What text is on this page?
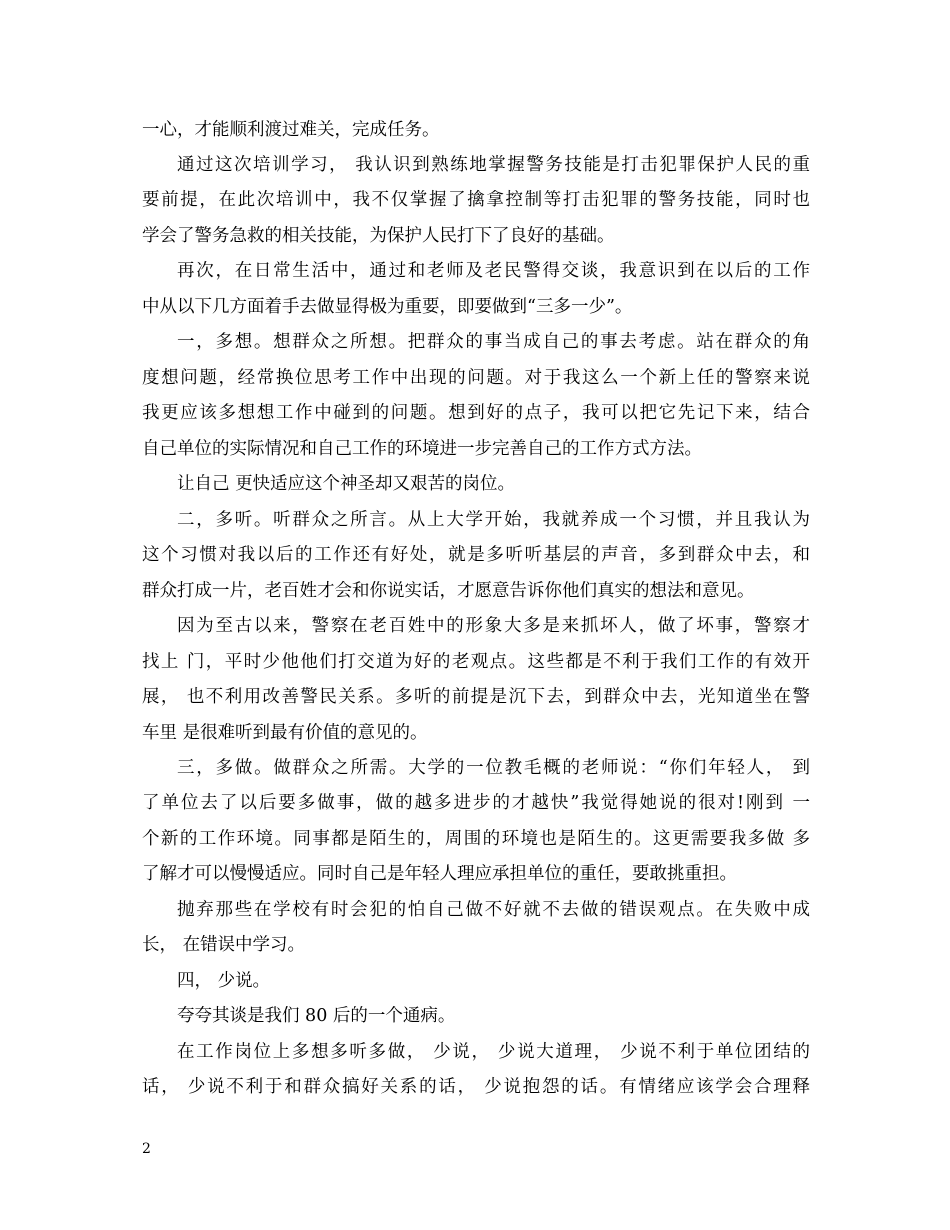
一心，才能顺利渡过难关，完成任务。
通过这次培训学习， 我认识到熟练地掌握警务技能是打击犯罪保护人民的重
要前提，在此次培训中，我不仅掌握了擒拿控制等打击犯罪的警务技能，同时也
学会了警务急救的相关技能，为保护人民打下了良好的基础。
再次，在日常生活中，通过和老师及老民警得交谈，我意识到在以后的工作
中从以下几方面着手去做显得极为重要，即要做到“三多一少”。
一，多想。想群众之所想。把群众的事当成自己的事去考虑。站在群众的角
度想问题，经常换位思考工作中出现的问题。对于我这么一个新上任的警察来说
我更应该多想想工作中碰到的问题。想到好的点子，我可以把它先记下来，结合
自己单位的实际情况和自己工作的环境进一步完善自己的工作方式方法。
让自己 更快适应这个神圣却又艰苦的岗位。
二，多听。听群众之所言。从上大学开始，我就养成一个习惯，并且我认为
这个习惯对我以后的工作还有好处，就是多听听基层的声音，多到群众中去，和
群众打成一片，老百姓才会和你说实话，才愿意告诉你他们真实的想法和意见。
因为至古以来，警察在老百姓中的形象大多是来抓坏人，做了坏事，警察才
找上 门，平时少他他们打交道为好的老观点。这些都是不利于我们工作的有效开
展， 也不利用改善警民关系。多听的前提是沉下去，到群众中去，光知道坐在警
车里 是很难听到最有价值的意见的。
三，多做。做群众之所需。大学的一位教毛概的老师说：“你们年轻人， 到
了单位去了以后要多做事，做的越多进步的才越快”我觉得她说的很对!刚到 一
个新的工作环境。同事都是陌生的，周围的环境也是陌生的。这更需要我多做 多
了解才可以慢慢适应。同时自己是年轻人理应承担单位的重任，要敢挑重担。
抛弃那些在学校有时会犯的怕自己做不好就不去做的错误观点。在失败中成
长， 在错误中学习。
四， 少说。
夸夸其谈是我们 80 后的一个通病。
在工作岗位上多想多听多做， 少说， 少说大道理， 少说不利于单位团结的
话， 少说不利于和群众搞好关系的话， 少说抱怨的话。有情绪应该学会合理释
2
